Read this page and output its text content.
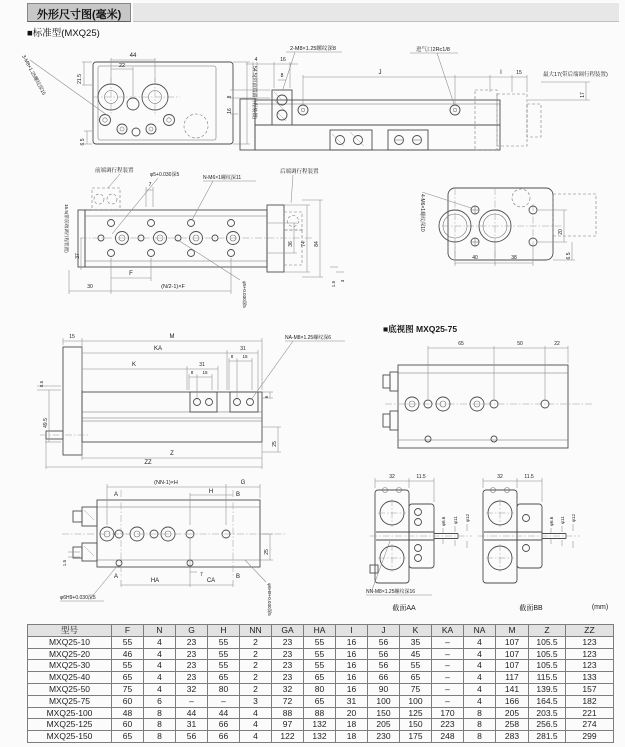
外形尺寸图(毫米)
■标准型(MXQ25)
44
22
21.5
6.5
54.5(带前端调行程装置)
3-M8×1.25螺纹深15	4	16
8	J	I	15	最大17(带后端调行程装置)
17
8
16
2-M8×1.25螺纹深8	进气口2Rc1/8
7
前端调行程装置
φ5+0.030深5	N-M6×1螺纹深11
后端调行程装置
16.5(带前端调行程装置)
37
36 74 84
1.5 3
F
30	(N/2-1)×F	φ5+0.030深5
20
6.5
40	38
4-M6×1螺纹深10
15	M
KA	31
8 15
K	31
8 15
NA-M8×1.25螺纹深6
6
25
Z
ZZ
0.5
49.5
■底视图 MXQ25-75
65	50	22
A	B
A	B
(NN-1)×H	G
H
HA	CA
7
25
1.5
φ6H9+0.030深5	φ6H9+0.030深5
32	11.5
φ6.6 φ11 φ12
NN-M8×1.25螺纹深16
截面AA
32	11.5
φ6.6 φ11 φ12
截面BB	(mm)
型号	F	N	G	H	NN	GA	HA	I	J	K	KA	NA	M	Z	ZZ
MXQ25-10	55	4	23	55	2	23	55	16	56	35	–	4	107	105.5	123
MXQ25-20	46	4	23	55	2	23	55	16	56	45	–	4	107	105.5	123
MXQ25-30	55	4	23	55	2	23	55	16	56	55	–	4	107	105.5	123
MXQ25-40	65	4	23	65	2	23	65	16	66	65	–	4	117	115.5	133
MXQ25-50	75	4	32	80	2	32	80	16	90	75	–	4	141	139.5	157
MXQ25-75	60	6	–	–	3	72	65	31	100	100	–	4	166	164.5	182
MXQ25-100	48	8	44	44	4	88	88	20	150	125	170	8	205	203.5	221
MXQ25-125	60	8	31	66	4	97	132	18	205	150	223	8	258	256.5	274
MXQ25-150	65	8	56	66	4	122	132	18	230	175	248	8	283	281.5	299
